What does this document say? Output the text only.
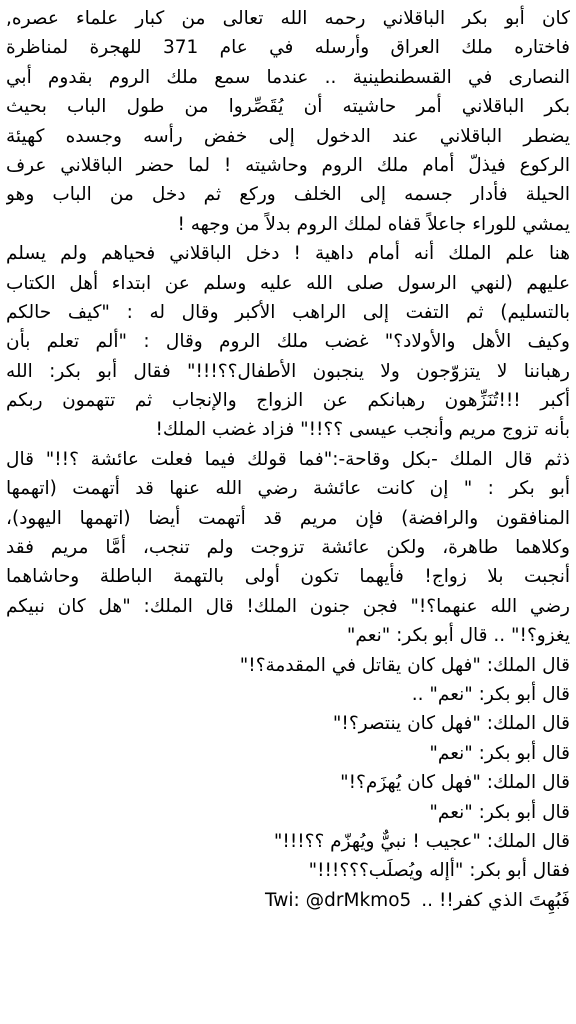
كان أبو بكر الباقلاني رحمه الله تعالى من كبار علماء عصره,
فاختاره ملك العراق وأرسله في عام 371 للهجرة لمناظرة
النصارى في القسطنطينية .. عندما سمع ملك الروم بقدوم أبي
بكر الباقلاني أمر حاشيته أن يُقَصِّروا من طول الباب بحيث
يضطر الباقلاني عند الدخول إلى خفض رأسه وجسده كهيئة
الركوع فيذلّ أمام ملك الروم وحاشيته ! لما حضر الباقلاني عرف
الحيلة فأدار جسمه إلى الخلف وركع ثم دخل من الباب وهو
يمشي للوراء جاعلاً قفاه لملك الروم بدلاً من وجهه !
هنا علم الملك أنه أمام داهية ! دخل الباقلاني فحياهم ولم يسلم
عليهم (لنهي الرسول صلى الله عليه وسلم عن ابتداء أهل الكتاب
بالتسليم) ثم التفت إلى الراهب الأكبر وقال له : "كيف حالكم
وكيف الأهل والأولاد؟" غضب ملك الروم وقال : "ألم تعلم بأن
رهباننا لا يتزوّجون ولا ينجبون الأطفال؟؟!!!" فقال أبو بكر: الله
أكبر !!!تُنَزِّهون رهبانكم عن الزواج والإنجاب ثم تتهمون ربكم
بأنه تزوج مريم وأنجب عيسى ؟؟!!" فزاد غضب الملك!
ذثم قال الملك -بكل وقاحة-:"فما قولك فيما فعلت عائشة ؟!!" قال
أبو بكر : " إن كانت عائشة رضي الله عنها قد أتهمت (اتهمها
المنافقون والرافضة) فإن مريم قد أتهمت أيضا (اتهمها اليهود)،
وكلاهما طاهرة، ولكن عائشة تزوجت ولم تنجب، أمَّا مريم فقد
أنجبت بلا زواج! فأيهما تكون أولى بالتهمة الباطلة وحاشاهما
رضي الله عنهما؟!" فجن جنون الملك! قال الملك: "هل كان نبيكم
يغزو؟!" .. قال أبو بكر: "نعم"
قال الملك: "فهل كان يقاتل في المقدمة؟!"
قال أبو بكر: "نعم" ..
قال الملك: "فهل كان ينتصر؟!"
قال أبو بكر: "نعم"
قال الملك: "فهل كان يُهزَم؟!"
قال أبو بكر: "نعم"
قال الملك: "عجيب ! نبيٌّ ويُهزّم ؟؟!!!"
فقال أبو بكر: "أإله ويُصلَب؟؟؟!!!"
فَبُهِتَ الذي كفر!! ..
Twi: @drMkmo5
